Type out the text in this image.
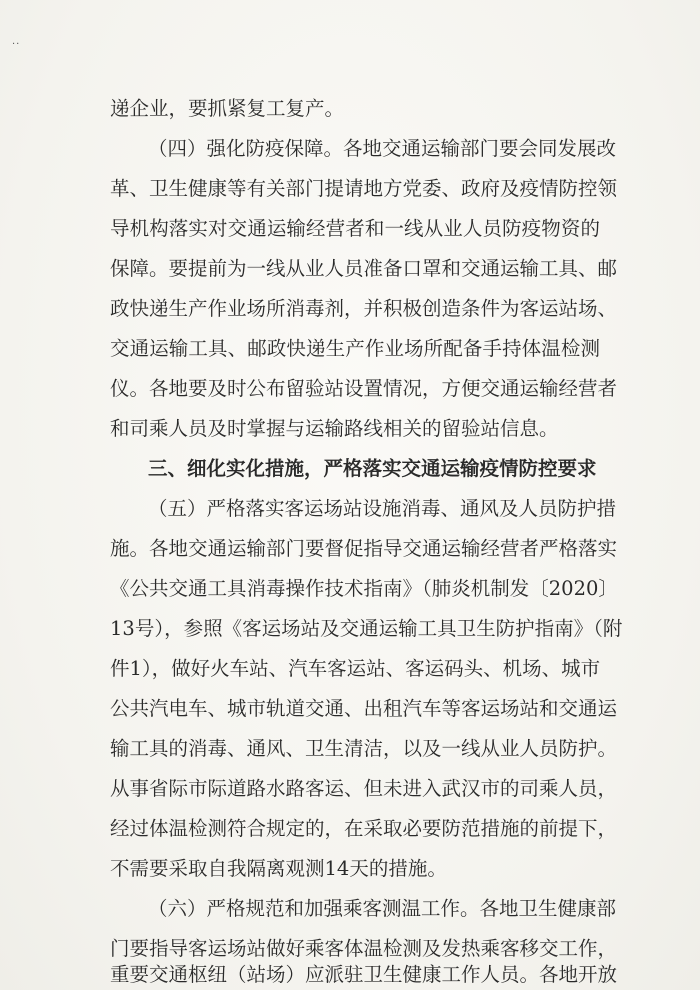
..
递企业，要抓紧复工复产。
（四）强化防疫保障。各地交通运输部门要会同发展改
革、卫生健康等有关部门提请地方党委、政府及疫情防控领
导机构落实对交通运输经营者和一线从业人员防疫物资的
保障。要提前为一线从业人员准备口罩和交通运输工具、邮
政快递生产作业场所消毒剂，并积极创造条件为客运站场、
交通运输工具、邮政快递生产作业场所配备手持体温检测
仪。各地要及时公布留验站设置情况，方便交通运输经营者
和司乘人员及时掌握与运输路线相关的留验站信息。
三、细化实化措施，严格落实交通运输疫情防控要求
（五）严格落实客运场站设施消毒、通风及人员防护措
施。各地交通运输部门要督促指导交通运输经营者严格落实
《公共交通工具消毒操作技术指南》（肺炎机制发〔2020〕
13号），参照《客运场站及交通运输工具卫生防护指南》（附
件1），做好火车站、汽车客运站、客运码头、机场、城市
公共汽电车、城市轨道交通、出租汽车等客运场站和交通运
输工具的消毒、通风、卫生清洁，以及一线从业人员防护。
从事省际市际道路水路客运、但未进入武汉市的司乘人员，
经过体温检测符合规定的，在采取必要防范措施的前提下，
不需要采取自我隔离观测14天的措施。
（六）严格规范和加强乘客测温工作。各地卫生健康部
门要指导客运场站做好乘客体温检测及发热乘客移交工作，
重要交通枢纽（站场）应派驻卫生健康工作人员。各地开放
